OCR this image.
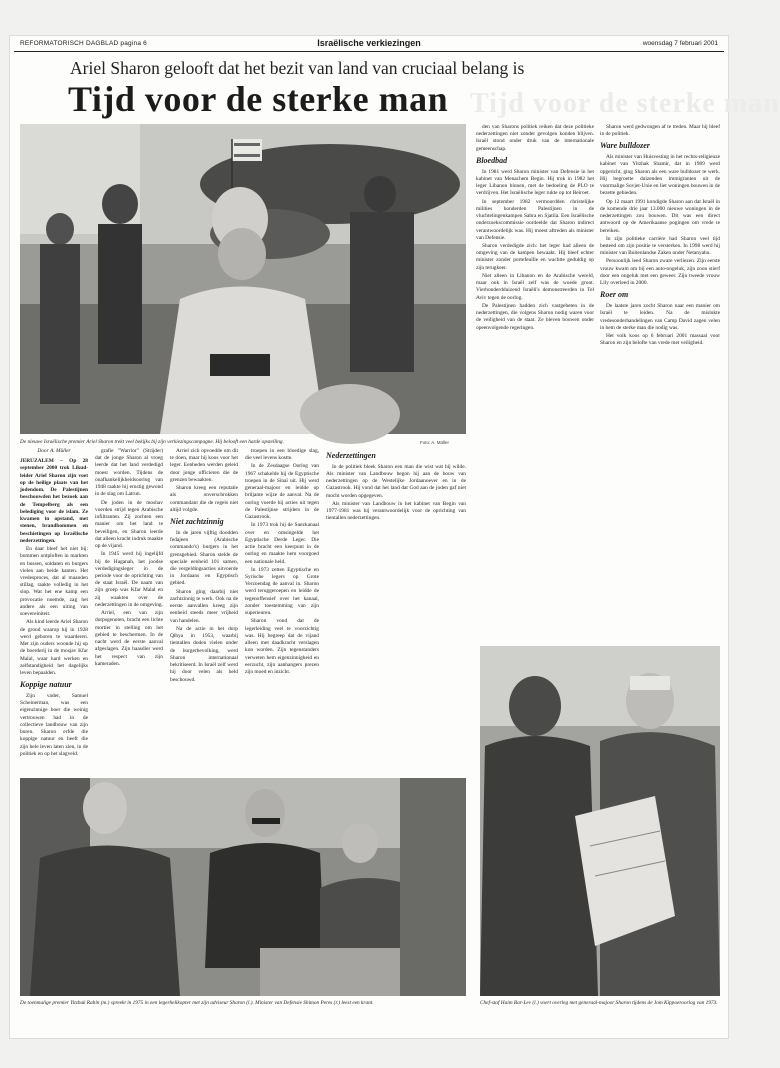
REFORMATORISCH DAGBLAD pagina 6	Israëlische verkiezingen	woensdag 7 februari 2001
Tijd voor de sterke man
Ariel Sharon gelooft dat het bezit van land van cruciaal belang is
Tijd voor de sterke man
De nieuwe Israëlische premier Ariel Sharon trekt veel bekijks bij zijn verkiezingscampagne. Hij belooft een harde opstelling.	Foto: A. Müller
De toenmalige premier Yitzhak Rabin (m.) spreekt in 1975 in een legerhelikopter met zijn adviseur Sharon (l.). Minister van Defensie Shimon Peres (r.) leest een krant.	Chef-staf Haim Bar-Lev (l.) voert overleg met generaal-majoor Sharon tijdens de Jom Kippoeroorlog van 1973.
Door A. Müller

JERUZALEM – Op 28 september 2000 trok Likud-leider Ariel Sharon zijn voet op de heilige plaats van het jodendom. De Palestijnen beschouwden het bezoek aan de Tempelberg als een belediging voor de islam. Ze kwamen in opstand, met stenen, brandbommen en beschietingen op Israëlische nederzettingen.

En daar bleef het niet bij: bommen ontploften in markten en bussen, soldaten en burgers vielen aan beide kanten. Het vredesproces, dat al maanden stillag, raakte volledig in het slop. Wat het ene kamp een provocatie noemde, zag het andere als een uiting van soevereiniteit.

Als kind leerde Ariel Sharon de grond waarop hij in 1928 werd geboren te waarderen. Met zijn ouders woonde hij op de boerderij in de mosjav Kfar Malal, waar hard werken en zelfstandigheid het dagelijks leven bepaalden.

Koppige natuur

Zijn vader, Samuel Scheinerman, was een eigenzinnige boer die weinig vertrouwen had in de collectieve landbouw van zijn buren. Sharon erfde die koppige natuur en heeft die zijn hele leven laten zien, in de politiek en op het slagveld.

grafie "Warrior" (Strijder) dat de jonge Sharon al vroeg leerde dat het land verdedigd moest worden. Tijdens de onafhankelijkheidsoorlog van 1948 raakte hij ernstig gewond in de slag om Latrun.

De joden in de moshav voerden strijd tegen Arabische infiltranten. Zij zochten een manier om het land te beveiligen, en Sharon leerde dat alleen kracht indruk maakte op de vijand.

In 1945 werd hij ingelijfd bij de Haganah, het joodse verdedigingsleger in de periode voor de oprichting van de staat Israël. De naam van zijn groep was Kfar Malal en zij waakten over de nederzettingen in de omgeving.

Arriel, een van zijn dorpsgenoten, bracht een lichte mortier in stelling om het gebied te beschermen. In de nacht werd de eerste aanval afgeslagen. Zijn baasdier werd het respect van zijn kameraden.

Arriel zich opvoedde om dit te doen, maar hij koos voor het leger. Eenheden werden geleid door jonge officieren die de grenzen bewaakten.

Sharon kreeg een reputatie als onverschrokken commandant die de regels niet altijd volgde.

Niet zachtzinnig

In de jaren vijftig doodden fedajeen (Arabische commando's) burgers in het grensgebied. Sharon stelde de speciale eenheid 101 samen, die vergeldingsacties uitvoerde in Jordaans en Egyptisch gebied.

Sharon ging daarbij niet zachtzinnig te werk. Ook na de eerste aanvallen kreeg zijn eenheid steeds meer vrijheid van handelen.

Na de actie in het dorp Qibya in 1953, waarbij tientallen doden vielen onder de burgerbevolking, werd Sharon internationaal bekritiseerd. In Israël zelf werd hij door velen als held beschouwd.

troepen in een bloedige slag, die veel levens kostte.

In de Zesdaagse Oorlog van 1967 schakelde hij de Egyptische troepen in de Sinaï uit. Hij werd generaal-majoor en leidde op briljante wijze de aanval. Na de oorlog voerde hij acties uit tegen de Palestijnse strijders in de Gazastrook.

In 1973 trok hij de Suezkanaal over en omsingelde het Egyptische Derde Leger. Die actie bracht een keerpunt in de oorlog en maakte hem voorgoed een nationale held.

In 1973 zetten Egyptische en Syrische legers op Grote Verzoendag de aanval in. Sharon werd teruggeroepen en leidde de tegenoffensief over het kanaal, zonder toestemming van zijn superieuren.

Sharon vond dat de legerleiding veel te voorzichtig was. Hij begreep dat de vijand alleen met daadkracht verslagen kon worden. Zijn tegenstanders verweten hem eigenzinnigheid en eerzucht, zijn aanhangers prezen zijn moed en inzicht.

Nederzettingen

In de politiek bleek Sharon een man die wist wat hij wilde. Als minister van Landbouw begon hij aan de bouw van nederzettingen op de Westelijke Jordaanoever en in de Gazastrook. Hij vond dat het land dat God aan de joden gaf niet mocht worden opgegeven.

Als minister van Landbouw in het kabinet van Begin van 1977-1981 was hij verantwoordelijk voor de oprichting van tientallen nederzettingen.

den van Sharons politiek reiken dat deze politieke nederzettingen niet zonder gevolgen konden blijven. Israël stond onder druk van de internationale gemeenschap.

Bloedbad

In 1981 werd Sharon minister van Defensie in het kabinet van Menachem Begin. Hij trok in 1982 het leger Libanon binnen, met de bedoeling de PLO te verdrijven. Het Israëlische leger rukte op tot Beiroet.

In september 1982 vermoordden christelijke milities honderden Palestijnen in de vluchtelingenkampen Sabra en Sjatila. Een Israëlische onderzoekscommissie oordeelde dat Sharon indirect verantwoordelijk was. Hij moest aftreden als minister van Defensie.

Sharon verdedigde zich: het leger had alleen de omgeving van de kampen bewaakt. Hij bleef echter minister zonder portefeuille en wachtte geduldig op zijn terugkeer.

Niet alleen in Libanon en de Arabische wereld, maar ook in Israël zelf was de woede groot. Vierhonderdduizend Israëli's demonstreerden in Tel Aviv tegen de oorlog.

De Palestijnen hadden zich vastgebeten in de nederzettingen, die volgens Sharon nodig waren voor de veiligheid van de staat. Ze bleven bouwen onder opeenvolgende regeringen.

Sharon werd gedwongen af te treden. Maar hij bleef in de politiek.

Ware bulldozer

Als minister van Huisvesting in het rechts-religieuze kabinet van Yitzhak Shamir, dat in 1989 werd opgericht, ging Sharon als een ware bulldozer te werk. Hij begroette duizenden immigranten uit de voormalige Sovjet-Unie en liet woningen bouwen in de bezette gebieden.

Op 12 maart 1991 kondigde Sharon aan dat Israël in de komende drie jaar 13.000 nieuwe woningen in de nederzettingen zou bouwen. Dit was een direct antwoord op de Amerikaanse pogingen om vrede te bereiken.

In zijn politieke carrière had Sharon veel tijd besteed om zijn positie te versterken. In 1998 werd hij minister van Buitenlandse Zaken onder Netanyahu.

Persoonlijk leed Sharon zware verliezen. Zijn eerste vrouw kwam om bij een auto-ongeluk, zijn zoon stierf door een ongeluk met een geweer. Zijn tweede vrouw Lily overleed in 2000.

Roer om

De laatste jaren zocht Sharon naar een manier om Israël te leiden. Na de mislukte vredesonderhandelingen van Camp David zagen velen in hem de sterke man die nodig was.

Het volk koos op 6 februari 2001 massaal voor Sharon en zijn belofte van vrede met veiligheid.
